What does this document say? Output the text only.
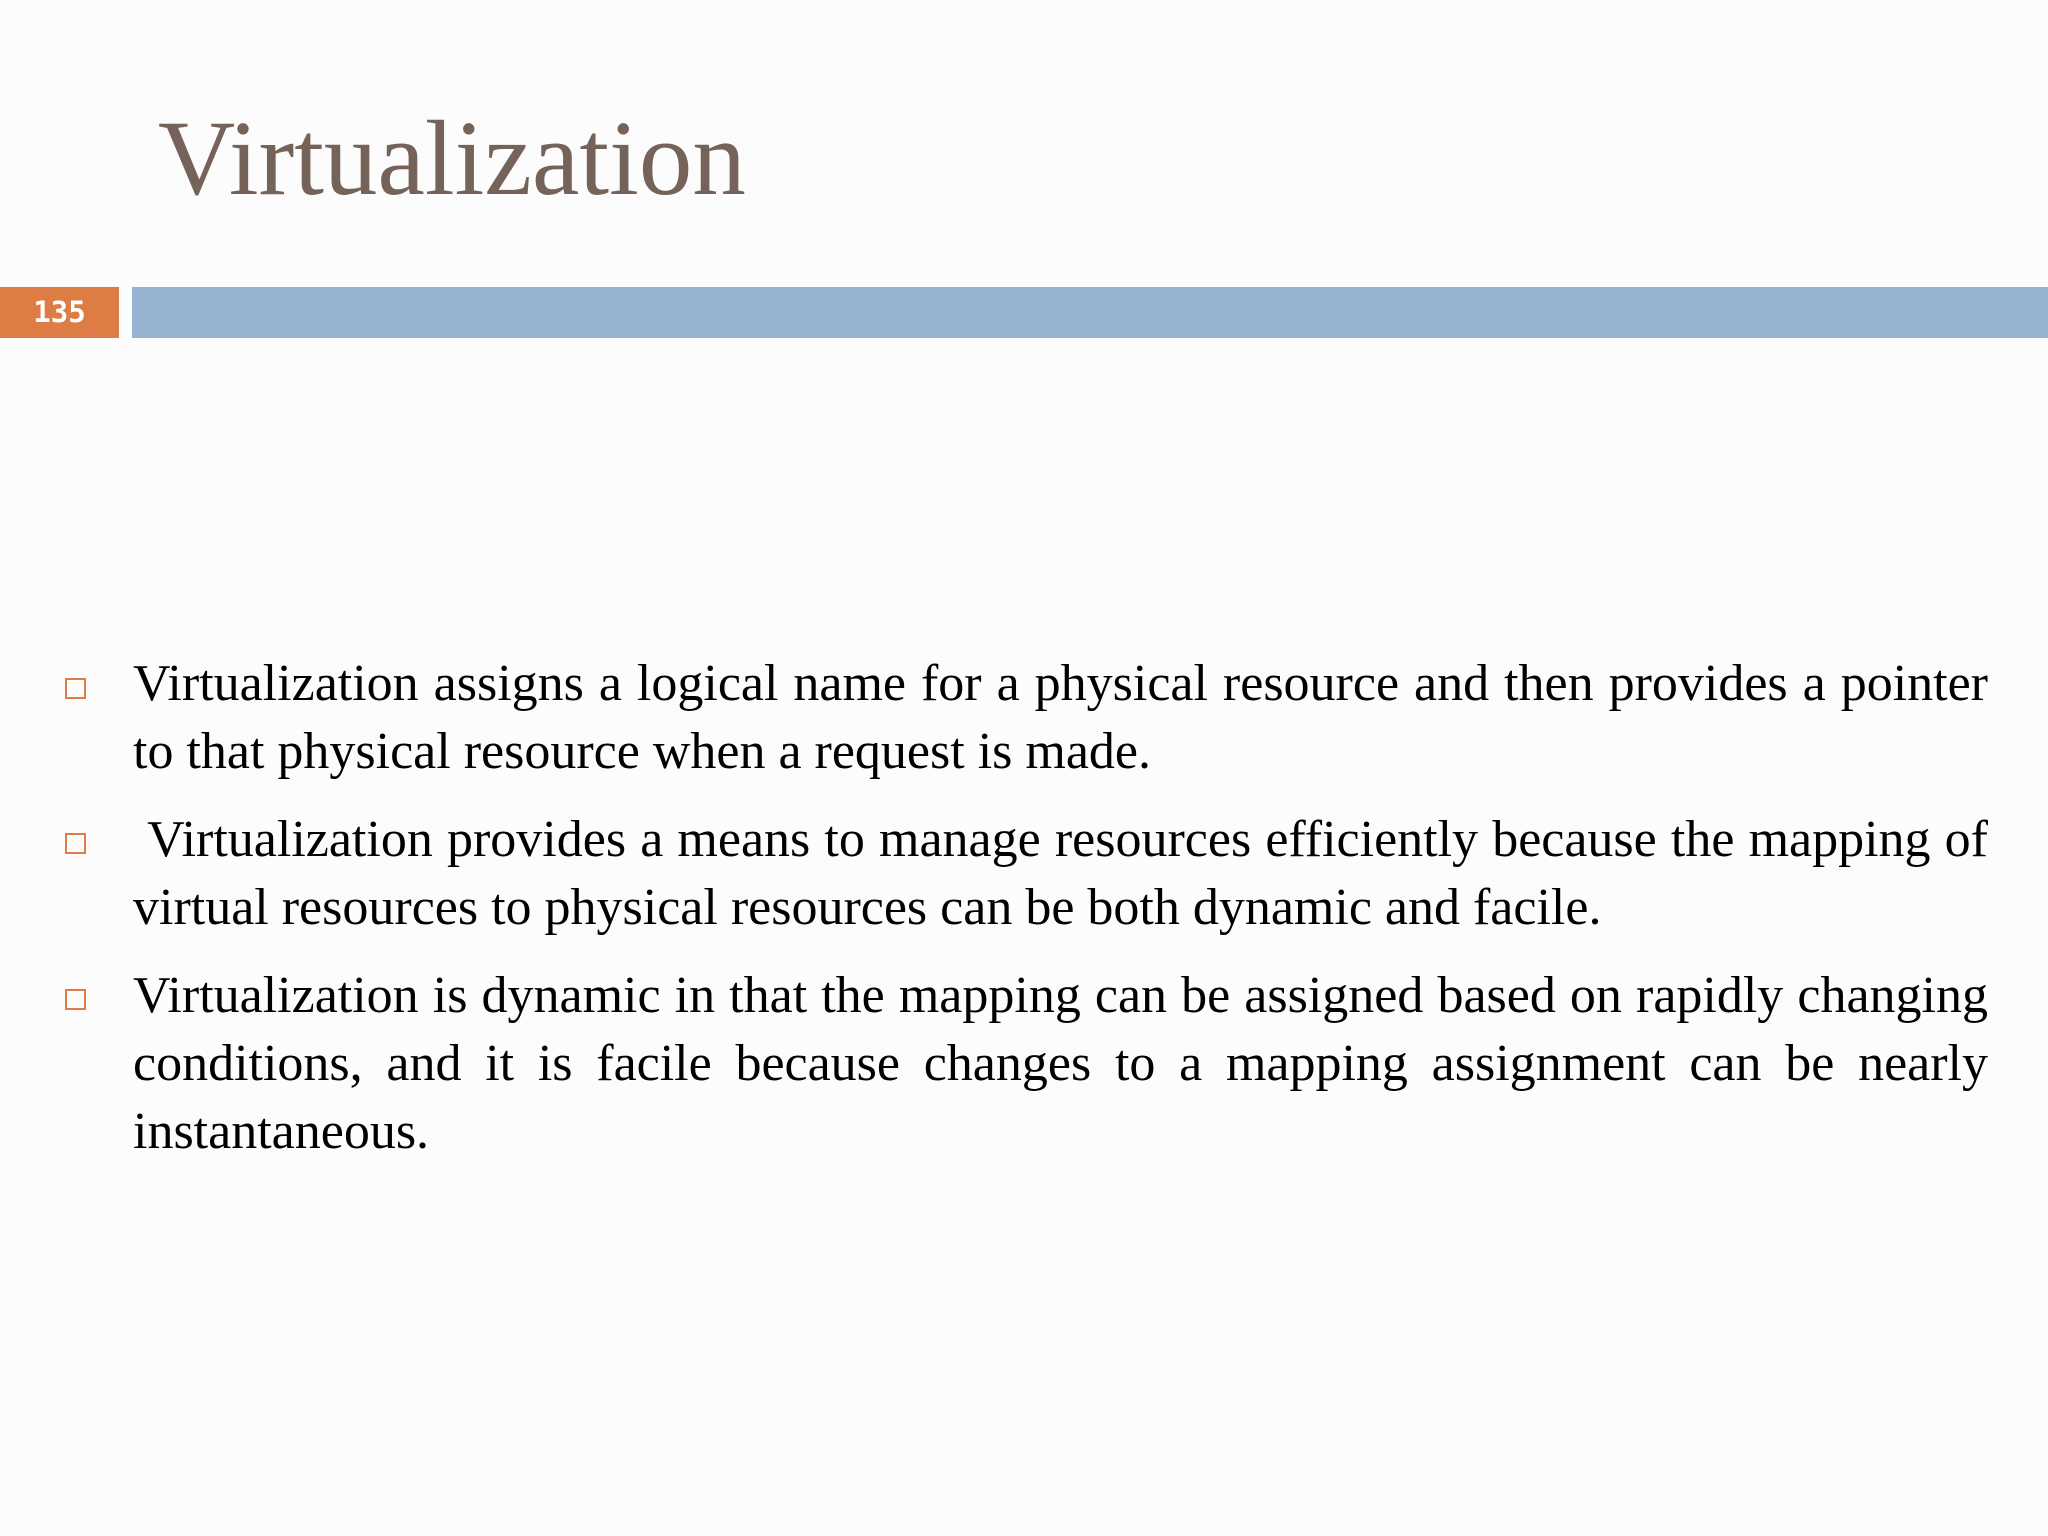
Virtualization
135
Virtualization assigns a logical name for a physical resource and then provides a pointer to that physical resource when a request is made.
Virtualization provides a means to manage resources efficiently because the mapping of virtual resources to physical resources can be both dynamic and facile.
Virtualization is dynamic in that the mapping can be assigned based on rapidly changing conditions, and it is facile because changes to a mapping assignment can be nearly instantaneous.
